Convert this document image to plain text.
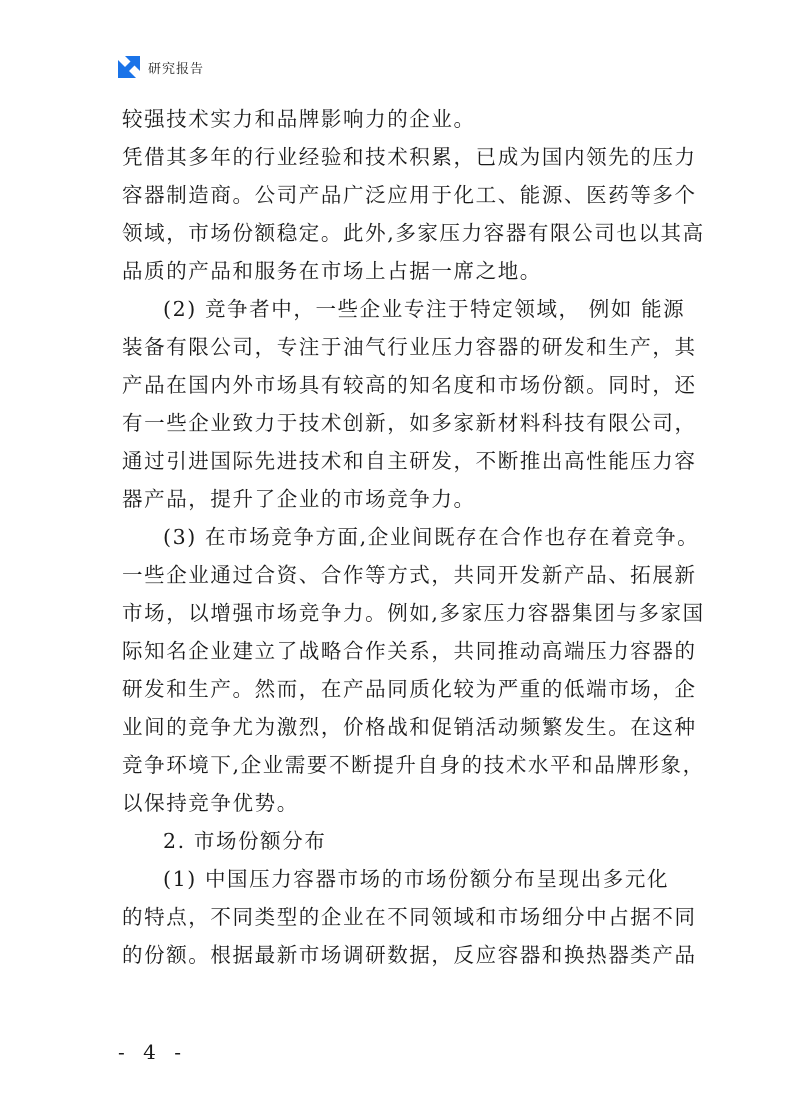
研究报告
较强技术实力和品牌影响力的企业。
凭借其多年的行业经验和技术积累，已成为国内领先的压力
容器制造商。公司产品广泛应用于化工、能源、医药等多个
领域，市场份额稳定。此外,多家压力容器有限公司也以其高
品质的产品和服务在市场上占据一席之地。
(2) 竞争者中，一些企业专注于特定领域， 例如 能源
装备有限公司，专注于油气行业压力容器的研发和生产，其
产品在国内外市场具有较高的知名度和市场份额。同时，还
有一些企业致力于技术创新，如多家新材料科技有限公司，
通过引进国际先进技术和自主研发，不断推出高性能压力容
器产品，提升了企业的市场竞争力。
(3) 在市场竞争方面,企业间既存在合作也存在着竞争。
一些企业通过合资、合作等方式，共同开发新产品、拓展新
市场，以增强市场竞争力。例如,多家压力容器集团与多家国
际知名企业建立了战略合作关系，共同推动高端压力容器的
研发和生产。然而，在产品同质化较为严重的低端市场，企
业间的竞争尤为激烈，价格战和促销活动频繁发生。在这种
竞争环境下,企业需要不断提升自身的技术水平和品牌形象，
以保持竞争优势。
2. 市场份额分布
(1) 中国压力容器市场的市场份额分布呈现出多元化
的特点，不同类型的企业在不同领域和市场细分中占据不同
的份额。根据最新市场调研数据，反应容器和换热器类产品
- 4 -
